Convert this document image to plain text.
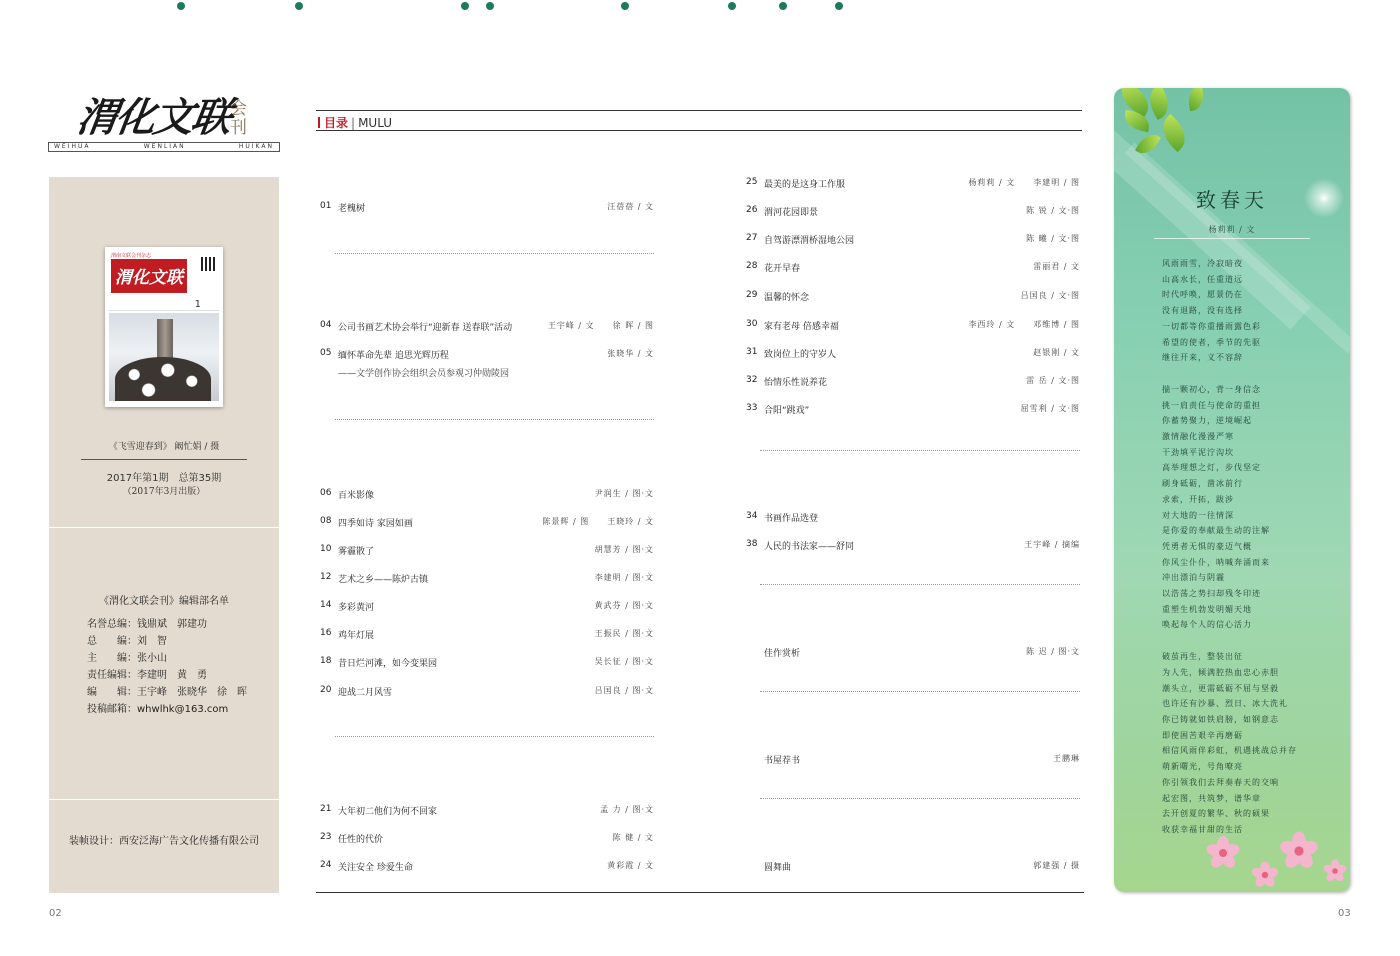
渭化文联
会刊
WEIHUA	WENLIAN	HUIKAN
渭南文联会刊杂志
渭化文联
1
《飞雪迎春到》 阚忙娟 / 摄
2017年第1期　总第35期
（2017年3月出版）
《渭化文联会刊》编辑部名单
装帧设计：西安泛海广告文化传播有限公司
名誉总编：钱鼎斌　郭建功
总　　编：刘　智
主　　编：张小山
责任编辑：李建明　黄　勇
编　　辑：王宇峰　张晓华　徐　晖
投稿邮箱：whwlhk@163.com
02	03
目录 | MULU
致春天
杨莉莉 / 文
风雨雨雪，冷寂暗夜
山高水长，任重道远
时代呼唤，愿景仍在
没有退路，没有选择
一切都等你重播雨露色彩
希望的使者，季节的先驱
继往开来，义不容辞
揣一颗初心，背一身信念
挑一肩责任与使命的重担
你蓄势聚力，逆境崛起
激情融化漫漫严寒
干劲填平泥泞沟坎
高举理想之灯，步伐坚定
刷身砥砺，凿冰前行
求索，开拓，跋涉
对大地的一往情深
是你爱的奉献最生动的注解
凭勇者无惧的豪迈气概
你风尘仆仆，呐喊奔涌而来
冲出漂泊与阴霾
以浩荡之势扫却残冬印迹
重塑生机勃发明媚天地
唤起每个人的信心活力
破茧再生，整装出征
为人先，倾满腔热血忠心赤胆
潮头立，更需砥砺不屈与坚毅
也许还有沙暴、烈日、冰大洗礼
你已铸就如铁肩膀，如钢意志
即使困苦艰辛再磨砺
相信风雨伴彩虹，机遇挑战总并存
萌新曙光，号角嘹亮
你引领我们去拜奏春天的交响
起宏图，共筑梦，谱华章
去开创夏的繁华、秋的硕果
收获幸福甘甜的生活
01 老槐树	汪蓓蓓 / 文
04 公司书画艺术协会举行“迎新春 送春联”活动	王宇峰 / 文　　徐 晖 / 图
05 缅怀革命先辈 追思光辉历程	张晓华 / 文
——文学创作协会组织会员参观习仲勋陵园
06 百米影像	尹润生 / 图·文
08 四季如诗 家园如画	陈景辉 / 图　　王晓玲 / 文
10 雾霾散了	胡慧芳 / 图·文
12 艺术之乡——陈炉古镇	李建明 / 图·文
14 多彩黄河	黄武芬 / 图·文
16 鸡年灯展	王振民 / 图·文
18 昔日烂河滩，如今变果园	吴长征 / 图·文
20 迎战二月风雪	吕国良 / 图·文
21 大年初二他们为何不回家	孟 力 / 图·文
23 任性的代价	陈 健 / 文
24 关注安全 珍爱生命	黄彩霞 / 文
25 最美的是这身工作服	杨莉莉 / 文　　李建明 / 图
26 渭河花园即景	陈 锐 / 文·图
27 自驾游漂渭桥湿地公园	陈 曦 / 文·图
28 花开早春	雷丽君 / 文
29 温馨的怀念	吕国良 / 文·图
30 家有老母 倍感幸福	李西玲 / 文　　邓维博 / 图
31 致岗位上的守岁人	赵银刚 / 文
32 怡情乐性说养花	雷 岳 / 文·图
33 合阳“跳戏”	屈雪利 / 文·图
34 书画作品选登
38 人民的书法家——舒同	王宇峰 / 摘编
佳作赏析	陈 迟 / 图·文
书屋荐书	王鹏琳
圆舞曲	郭建强 / 摄
